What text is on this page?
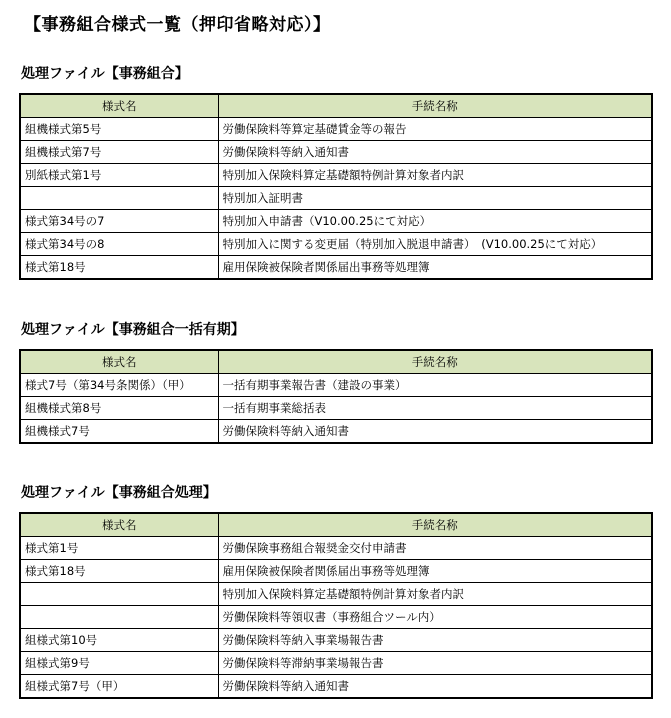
【事務組合様式一覧（押印省略対応）】
処理ファイル【事務組合】
様式名	手続名称
組機様式第5号	労働保険料等算定基礎賃金等の報告
組機様式第7号	労働保険料等納入通知書
別紙様式第1号	特別加入保険料算定基礎額特例計算対象者内訳
	特別加入証明書
様式第34号の7	特別加入申請書（V10.00.25にて対応）
様式第34号の8	特別加入に関する変更届（特別加入脱退申請書）　(V10.00.25にて対応）
様式第18号	雇用保険被保険者関係届出事務等処理簿
処理ファイル【事務組合一括有期】
様式名	手続名称
様式7号（第34号条関係）（甲）	一括有期事業報告書（建設の事業）
組機様式第8号	一括有期事業総括表
組機様式7号	労働保険料等納入通知書
処理ファイル【事務組合処理】
様式名	手続名称
様式第1号	労働保険事務組合報奨金交付申請書
様式第18号	雇用保険被保険者関係届出事務等処理簿
	特別加入保険料算定基礎額特例計算対象者内訳
	労働保険料等領収書（事務組合ツール内）
組様式第10号	労働保険料等納入事業場報告書
組様式第9号	労働保険料等滞納事業場報告書
組様式第7号（甲）	労働保険料等納入通知書
